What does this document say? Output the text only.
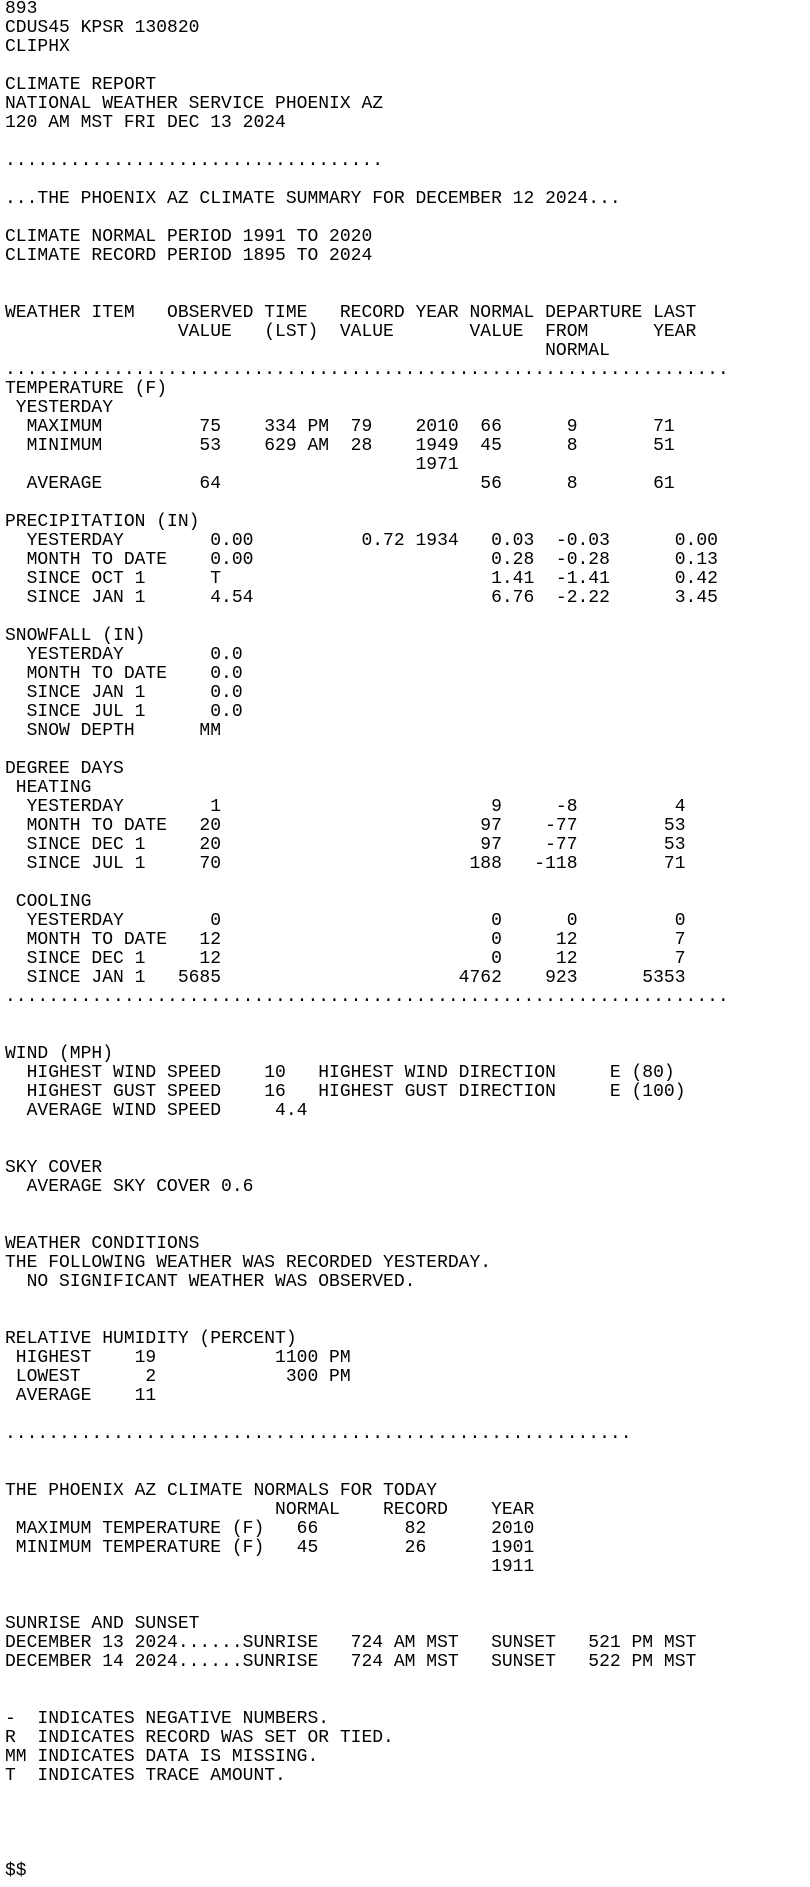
893
CDUS45 KPSR 130820
CLIPHX
CLIMATE REPORT
NATIONAL WEATHER SERVICE PHOENIX AZ
120 AM MST FRI DEC 13 2024
...................................
...THE PHOENIX AZ CLIMATE SUMMARY FOR DECEMBER 12 2024...
CLIMATE NORMAL PERIOD 1991 TO 2020
CLIMATE RECORD PERIOD 1895 TO 2024
WEATHER ITEM   OBSERVED TIME   RECORD YEAR NORMAL DEPARTURE LAST
VALUE   (LST)  VALUE       VALUE  FROM      YEAR
NORMAL
...................................................................
TEMPERATURE (F)
YESTERDAY
MAXIMUM         75    334 PM  79    2010  66      9       71
MINIMUM         53    629 AM  28    1949  45      8       51
1971
AVERAGE         64                        56      8       61
PRECIPITATION (IN)
YESTERDAY        0.00          0.72 1934   0.03  -0.03      0.00
MONTH TO DATE    0.00                      0.28  -0.28      0.13
SINCE OCT 1      T                         1.41  -1.41      0.42
SINCE JAN 1      4.54                      6.76  -2.22      3.45
SNOWFALL (IN)
YESTERDAY        0.0
MONTH TO DATE    0.0
SINCE JAN 1      0.0
SINCE JUL 1      0.0
SNOW DEPTH      MM
DEGREE DAYS
HEATING
YESTERDAY        1                         9     -8         4
MONTH TO DATE   20                        97    -77        53
SINCE DEC 1     20                        97    -77        53
SINCE JUL 1     70                       188   -118        71
COOLING
YESTERDAY        0                         0      0         0
MONTH TO DATE   12                         0     12         7
SINCE DEC 1     12                         0     12         7
SINCE JAN 1   5685                      4762    923      5353
...................................................................
WIND (MPH)
HIGHEST WIND SPEED    10   HIGHEST WIND DIRECTION     E (80)
HIGHEST GUST SPEED    16   HIGHEST GUST DIRECTION     E (100)
AVERAGE WIND SPEED     4.4
SKY COVER
AVERAGE SKY COVER 0.6
WEATHER CONDITIONS
THE FOLLOWING WEATHER WAS RECORDED YESTERDAY.
NO SIGNIFICANT WEATHER WAS OBSERVED.
RELATIVE HUMIDITY (PERCENT)
HIGHEST    19           1100 PM
LOWEST      2            300 PM
AVERAGE    11
..........................................................
THE PHOENIX AZ CLIMATE NORMALS FOR TODAY
NORMAL    RECORD    YEAR
MAXIMUM TEMPERATURE (F)   66        82      2010
MINIMUM TEMPERATURE (F)   45        26      1901
1911
SUNRISE AND SUNSET
DECEMBER 13 2024......SUNRISE   724 AM MST   SUNSET   521 PM MST
DECEMBER 14 2024......SUNRISE   724 AM MST   SUNSET   522 PM MST
-  INDICATES NEGATIVE NUMBERS.
R  INDICATES RECORD WAS SET OR TIED.
MM INDICATES DATA IS MISSING.
T  INDICATES TRACE AMOUNT.
$$
